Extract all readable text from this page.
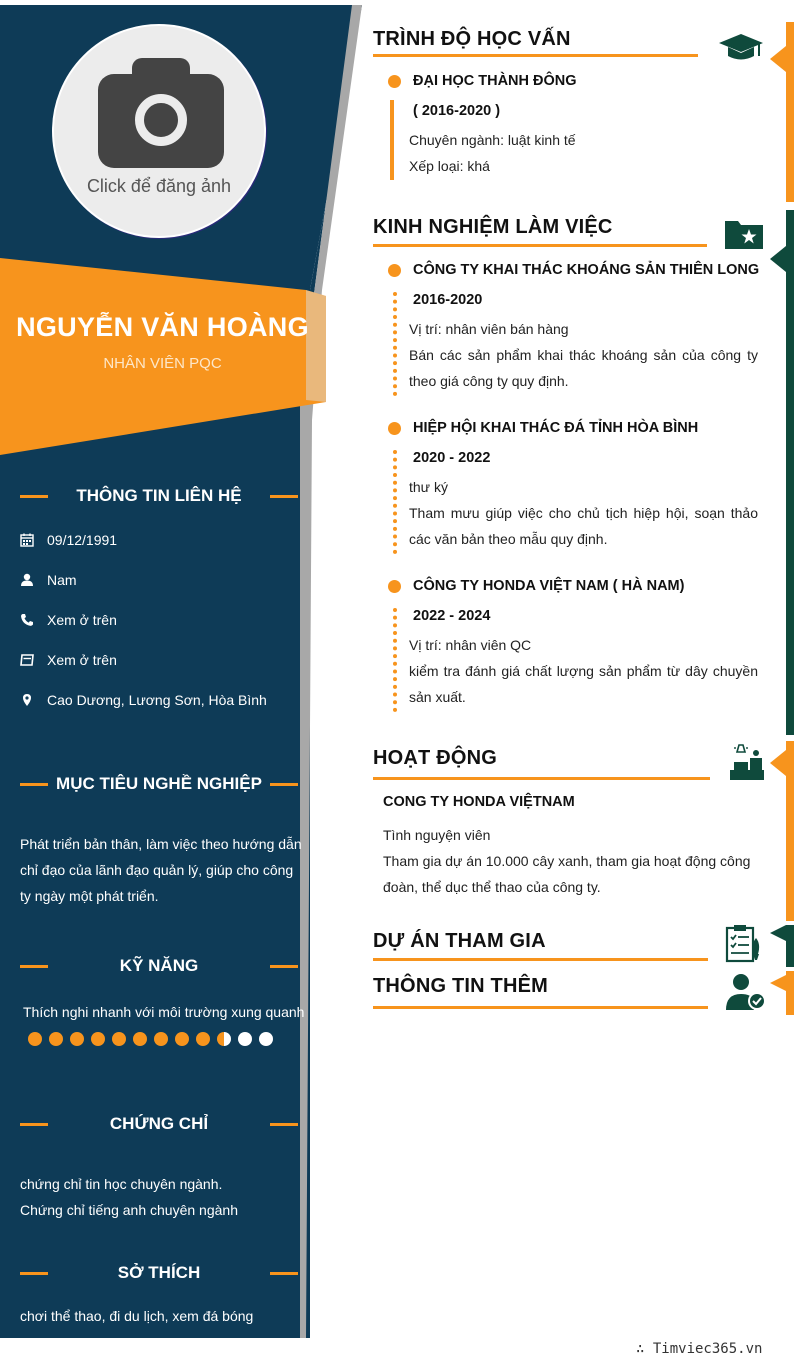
Click để đăng ảnh
NGUYỄN VĂN HOÀNG
NHÂN VIÊN PQC
THÔNG TIN LIÊN HỆ
09/12/1991
Nam
Xem ở trên
Xem ở trên
Cao Dương, Lương Sơn, Hòa Bình
MỤC TIÊU NGHỀ NGHIỆP
Phát triển bản thân, làm việc theo hướng dẫn
chỉ đạo của lãnh đạo quản lý, giúp cho công
ty ngày một phát triển.
KỸ NĂNG
Thích nghi nhanh với môi trường xung quanh
CHỨNG CHỈ
chứng chỉ tin học chuyên ngành.
Chứng chỉ tiếng anh chuyên ngành
SỞ THÍCH
chơi thể thao, đi du lịch, xem đá bóng
TRÌNH ĐỘ HỌC VẤN
ĐẠI HỌC THÀNH ĐÔNG
( 2016-2020 )
Chuyên ngành: luật kinh tế
Xếp loại: khá
KINH NGHIỆM LÀM VIỆC
CÔNG TY KHAI THÁC KHOÁNG SẢN THIÊN LONG
2016-2020
Vị trí: nhân viên bán hàng
Bán các sản phẩm khai thác khoáng sản của công ty theo giá công ty quy định.
HIỆP HỘI KHAI THÁC ĐÁ TỈNH HÒA BÌNH
2020 - 2022
thư ký
Tham mưu giúp việc cho chủ tịch hiệp hội, soạn thảo các văn bản theo mẫu quy định.
CÔNG TY HONDA VIỆT NAM ( HÀ NAM)
2022 - 2024
Vị trí: nhân viên QC
kiểm tra đánh giá chất lượng sản phẩm từ dây chuyền sản xuất.
HOẠT ĐỘNG
CONG TY HONDA VIỆTNAM
Tình nguyện viên
Tham gia dự án 10.000 cây xanh, tham gia hoạt động công
đoàn, thể dục thể thao của công ty.
DỰ ÁN THAM GIA
THÔNG TIN THÊM
∴ Timviec365.vn
